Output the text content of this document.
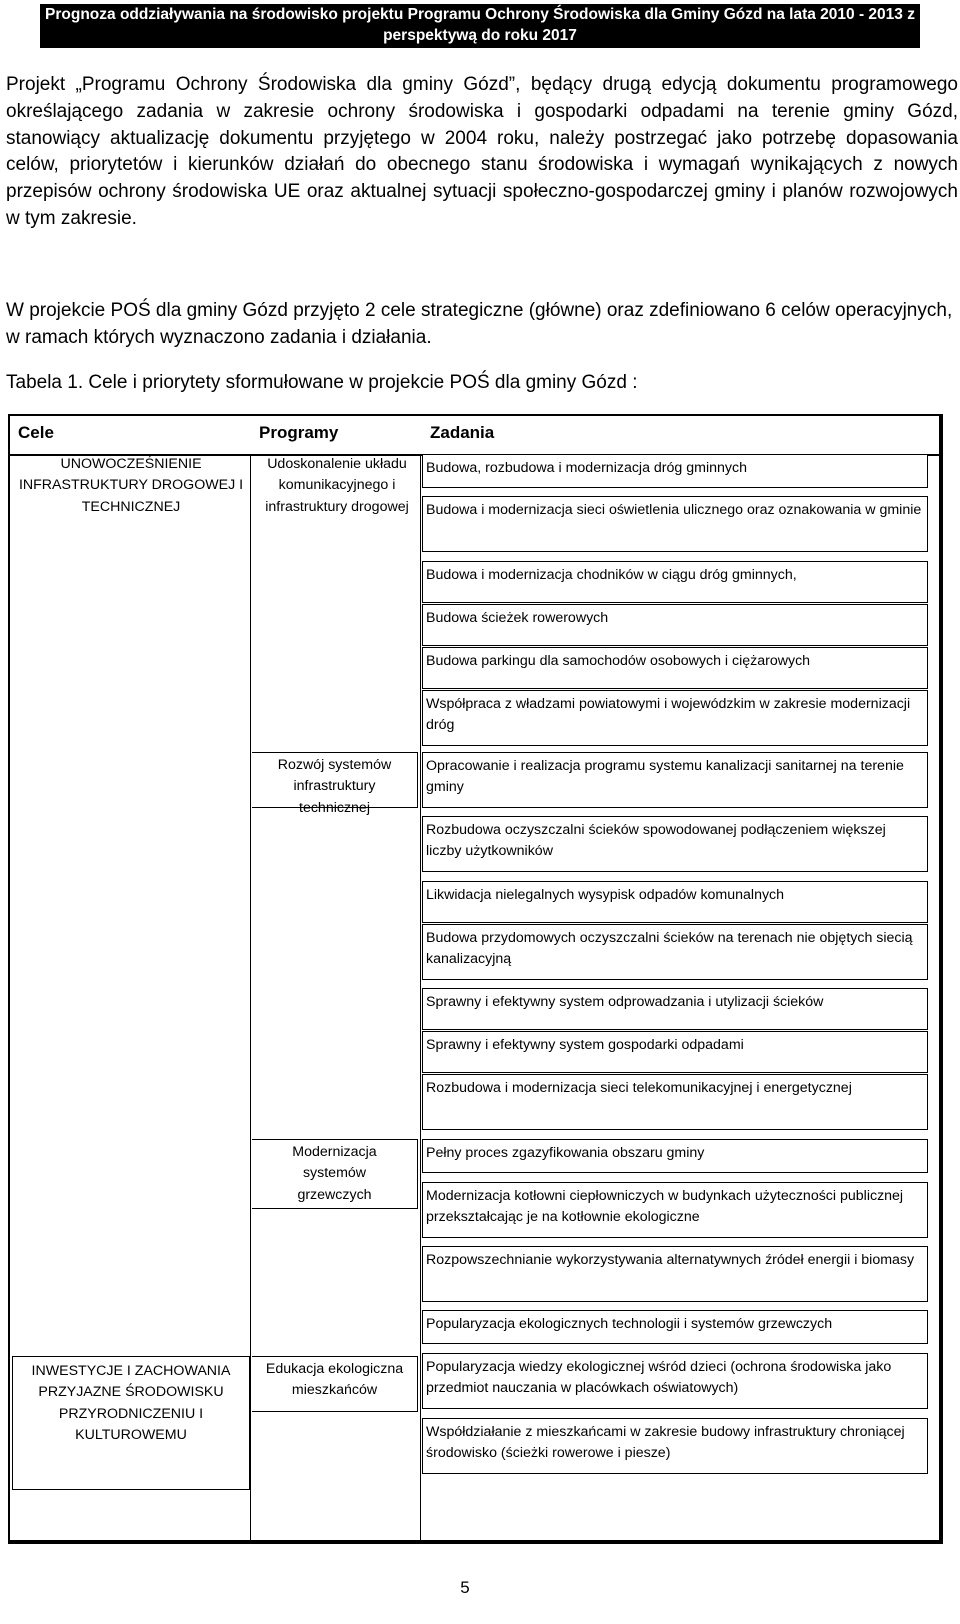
Prognoza oddziaływania na środowisko projektu Programu Ochrony Środowiska dla Gminy Gózd na lata 2010 - 2013 z
perspektywą do roku 2017

Projekt „Programu Ochrony Środowiska dla gminy Gózd”, będący drugą edycją dokumentu programowego określającego zadania w zakresie ochrony środowiska i gospodarki odpadami na terenie gminy Gózd, stanowiący aktualizację dokumentu przyjętego w 2004 roku, należy postrzegać jako potrzebę dopasowania celów, priorytetów i kierunków działań do obecnego stanu środowiska i wymagań wynikających z nowych przepisów ochrony środowiska UE oraz aktualnej sytuacji społeczno-gospodarczej gminy i planów rozwojowych w tym zakresie.

W projekcie POŚ dla gminy Gózd przyjęto 2 cele strategiczne (główne) oraz zdefiniowano 6 celów operacyjnych, w ramach których wyznaczono zadania i działania.

Tabela 1. Cele i priorytety sformułowane w projekcie POŚ dla gminy Gózd :
Cele	Programy	Zadania
UNOWOCZEŚNIENIE INFRASTRUKTURY DROGOWEJ I TECHNICZNEJ
INWESTYCJE I ZACHOWANIA PRZYJAZNE ŚRODOWISKU PRZYRODNICZENIU I KULTUROWEMU
Udoskonalenie układu komunikacyjnego i infrastruktury drogowej
Rozwój systemów infrastruktury technicznej
Modernizacja systemów grzewczych
Edukacja ekologiczna mieszkańców
Budowa, rozbudowa i modernizacja dróg gminnych
Budowa i modernizacja sieci oświetlenia ulicznego oraz oznakowania w gminie
Budowa i modernizacja chodników w ciągu dróg gminnych,
Budowa ścieżek rowerowych
Budowa parkingu dla samochodów osobowych i ciężarowych
Współpraca z władzami powiatowymi i wojewódzkim w zakresie modernizacji dróg
Opracowanie i realizacja programu systemu kanalizacji sanitarnej na terenie gminy
Rozbudowa oczyszczalni ścieków spowodowanej podłączeniem większej liczby użytkowników
Likwidacja nielegalnych wysypisk odpadów komunalnych
Budowa przydomowych oczyszczalni ścieków na terenach nie objętych siecią kanalizacyjną
Sprawny i efektywny system odprowadzania i utylizacji ścieków
Sprawny i efektywny system gospodarki odpadami
Rozbudowa i modernizacja sieci telekomunikacyjnej i energetycznej
Pełny proces zgazyfikowania obszaru gminy
Modernizacja kotłowni ciepłowniczych w budynkach użyteczności publicznej przekształcając je na kotłownie ekologiczne
Rozpowszechnianie wykorzystywania alternatywnych źródeł energii i biomasy
Popularyzacja ekologicznych technologii i systemów grzewczych
Popularyzacja wiedzy ekologicznej wśród dzieci (ochrona środowiska jako przedmiot nauczania w placówkach oświatowych)
Współdziałanie z mieszkańcami w zakresie budowy infrastruktury chroniącej środowisko (ścieżki rowerowe i piesze)
5
